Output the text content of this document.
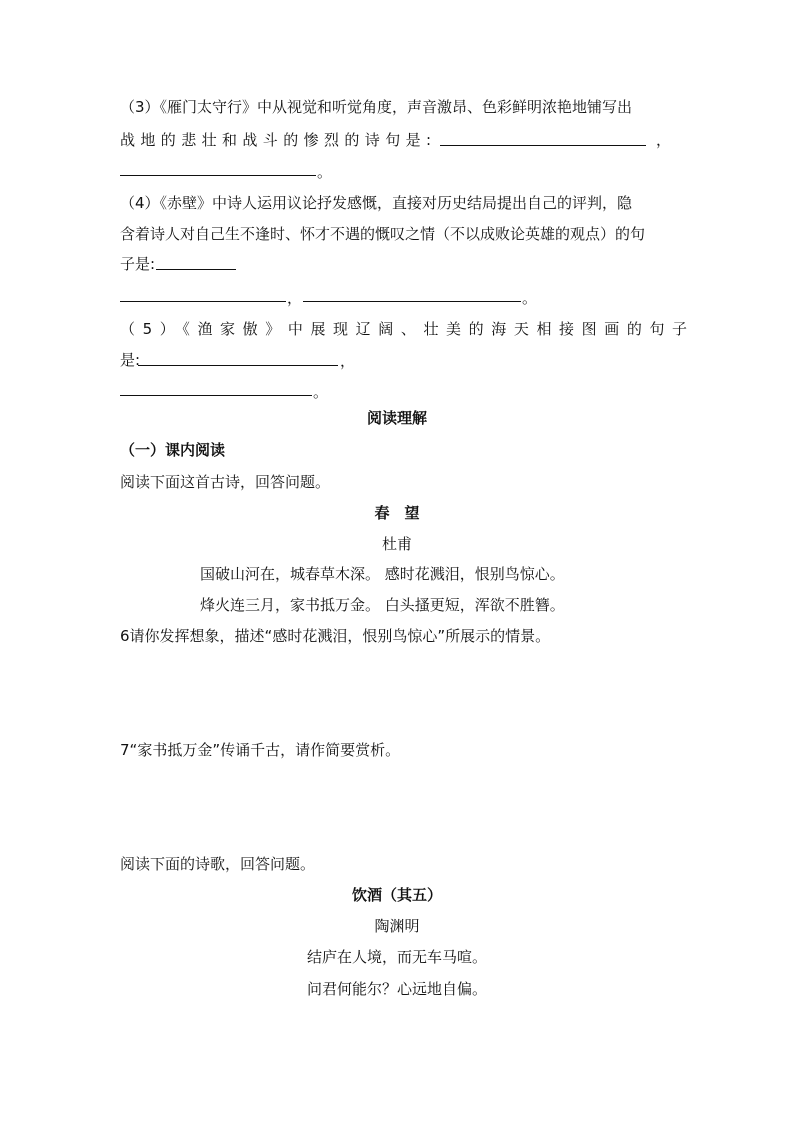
（3）《雁门太守行》中从视觉和听觉角度，声音激昂、色彩鲜明浓艳地铺写出
战地的悲壮和战斗的惨烈的诗句是:	，
。
（4）《赤壁》中诗人运用议论抒发感慨，直接对历史结局提出自己的评判，隐
含着诗人对自己生不逢时、怀才不遇的慨叹之情（不以成败论英雄的观点）的句
子是:
，	。
（5）《渔家傲》中展现辽阔、壮美的海天相接图画的句子
是:	，
。
阅读理解
（一）课内阅读
阅读下面这首古诗，回答问题。
春　望
杜甫
国破山河在，城春草木深。 感时花溅泪，恨别鸟惊心。
烽火连三月，家书抵万金。 白头搔更短，浑欲不胜簪。
6请你发挥想象，描述“感时花溅泪，恨别鸟惊心”所展示的情景。
7“家书抵万金”传诵千古，请作简要赏析。
阅读下面的诗歌，回答问题。
饮酒（其五）
陶渊明
结庐在人境，而无车马喧。
问君何能尔？心远地自偏。
